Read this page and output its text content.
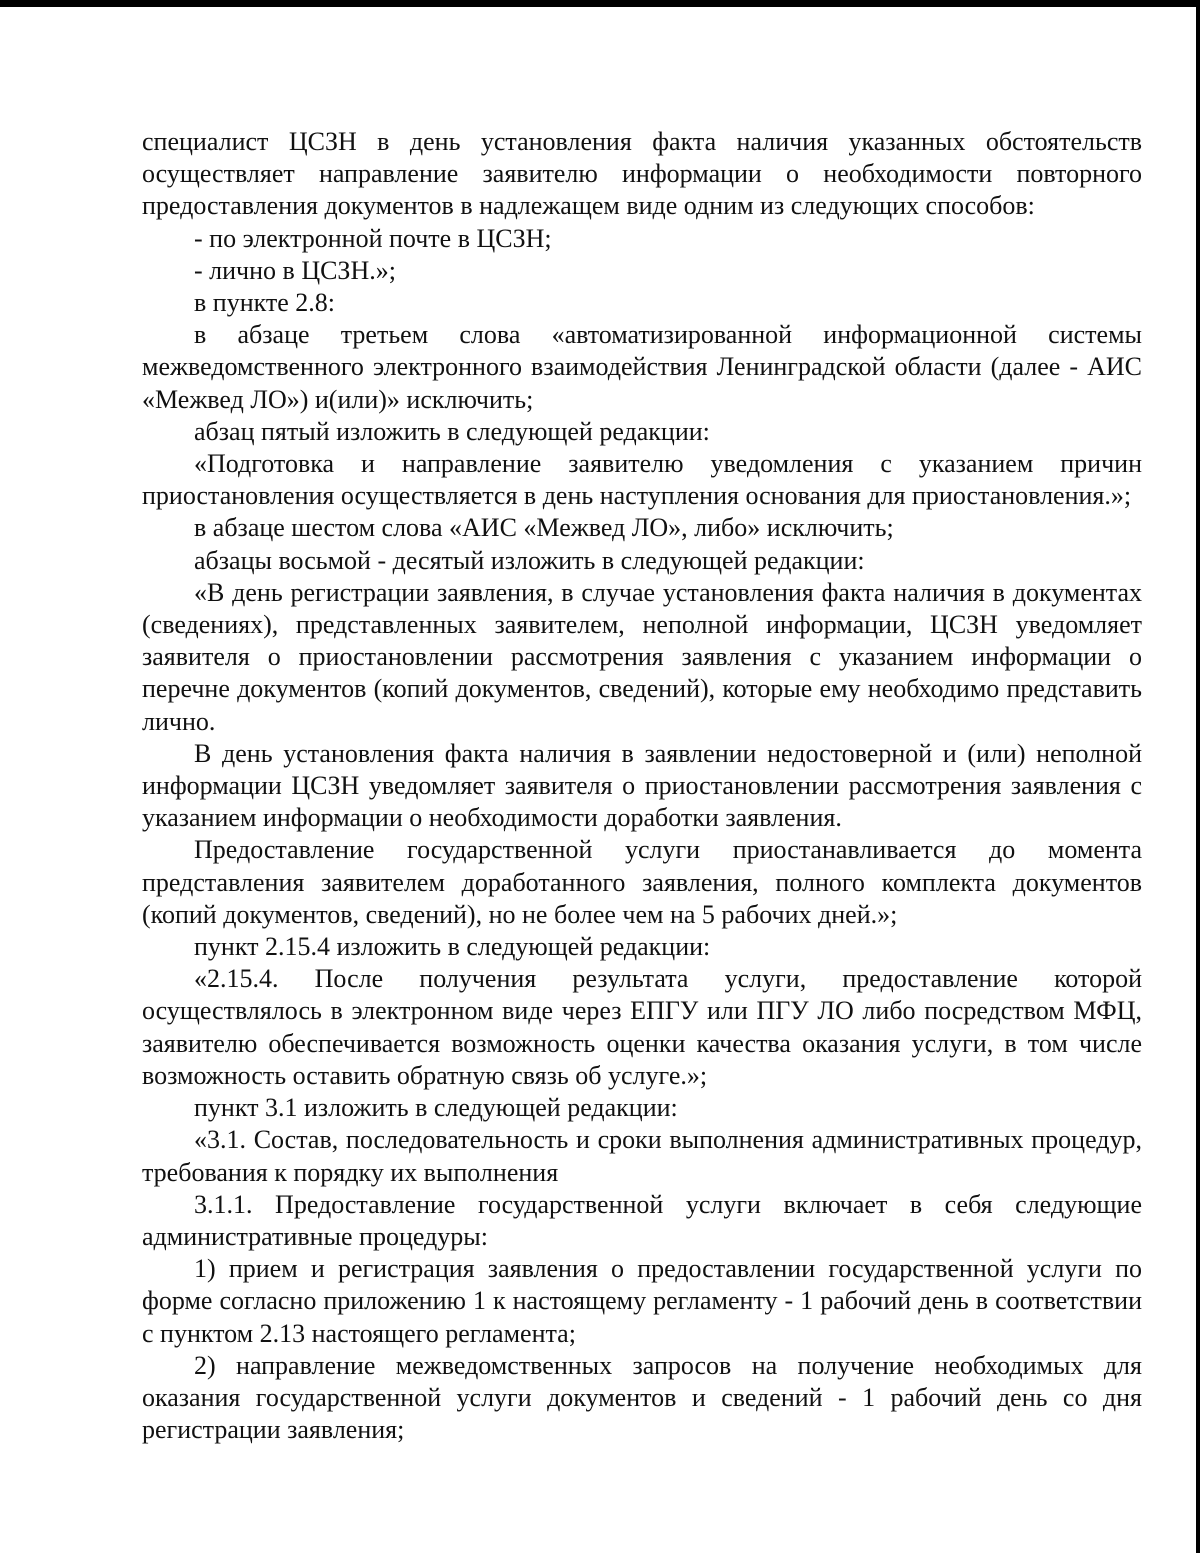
специалист ЦСЗН в день установления факта наличия указанных обстоятельств осуществляет направление заявителю информации о необходимости повторного предоставления документов в надлежащем виде одним из следующих способов:

- по электронной почте в ЦСЗН;

- лично в ЦСЗН.»;

в пункте 2.8:

в абзаце третьем слова «автоматизированной информационной системы межведомственного электронного взаимодействия Ленинградской области (далее - АИС «Межвед ЛО») и(или)» исключить;

абзац пятый изложить в следующей редакции:

«Подготовка и направление заявителю уведомления с указанием причин приостановления осуществляется в день наступления основания для приостановления.»;

в абзаце шестом слова «АИС «Межвед ЛО», либо» исключить;

абзацы восьмой - десятый изложить в следующей редакции:

«В день регистрации заявления, в случае установления факта наличия в документах (сведениях), представленных заявителем, неполной информации, ЦСЗН уведомляет заявителя о приостановлении рассмотрения заявления с указанием информации о перечне документов (копий документов, сведений), которые ему необходимо представить лично.

В день установления факта наличия в заявлении недостоверной и (или) неполной информации ЦСЗН уведомляет заявителя о приостановлении рассмотрения заявления с указанием информации о необходимости доработки заявления.

Предоставление государственной услуги приостанавливается до момента представления заявителем доработанного заявления, полного комплекта документов (копий документов, сведений), но не более чем на 5 рабочих дней.»;

пункт 2.15.4 изложить в следующей редакции:

«2.15.4. После получения результата услуги, предоставление которой осуществлялось в электронном виде через ЕПГУ или ПГУ ЛО либо посредством МФЦ, заявителю обеспечивается возможность оценки качества оказания услуги, в том числе возможность оставить обратную связь об услуге.»;

пункт 3.1 изложить в следующей редакции:

«3.1. Состав, последовательность и сроки выполнения административных процедур, требования к порядку их выполнения

3.1.1. Предоставление государственной услуги включает в себя следующие административные процедуры:

1) прием и регистрация заявления о предоставлении государственной услуги по форме согласно приложению 1 к настоящему регламенту - 1 рабочий день в соответствии с пунктом 2.13 настоящего регламента;

2) направление межведомственных запросов на получение необходимых для оказания государственной услуги документов и сведений - 1 рабочий день со дня регистрации заявления;
